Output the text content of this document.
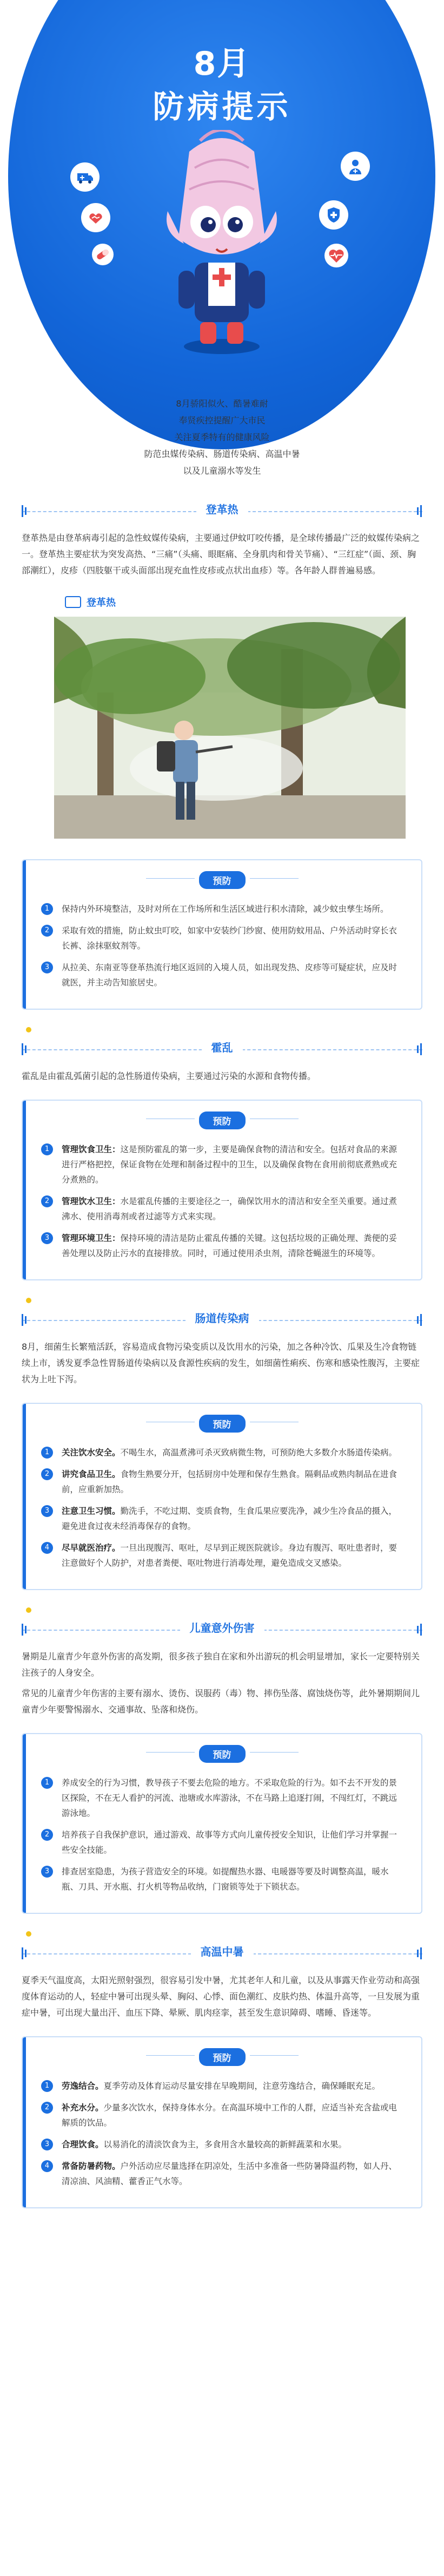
8月
防病提示

8月骄阳似火、酷暑难耐

奉贤疾控提醒广大市民

关注夏季特有的健康风险

防范虫媒传染病、肠道传染病、高温中暑

以及儿童溺水等发生

登革热

登革热是由登革病毒引起的急性蚊媒传染病，主要通过伊蚊叮咬传播，是全球传播最广泛的蚊媒传染病之一。登革热主要症状为突发高热、“三痛”（头痛、眼眶痛、全身肌肉和骨关节痛）、“三红症”（面、颈、胸部潮红），皮疹（四肢躯干或头面部出现充血性皮疹或点状出血疹）等。各年龄人群普遍易感。

登革热
预防
1	保持内外环境整洁，及时对所在工作场所和生活区域进行积水清除，减少蚊虫孳生场所。
2	采取有效的措施，防止蚊虫叮咬，如家中安装纱门纱窗、使用防蚊用品、户外活动时穿长衣长裤、涂抹驱蚊剂等。
3	从拉美、东南亚等登革热流行地区返回的入境人员，如出现发热、皮疹等可疑症状，应及时就医，并主动告知旅居史。
霍乱

霍乱是由霍乱弧菌引起的急性肠道传染病，主要通过污染的水源和食物传播。

预防
1	管理饮食卫生：这是预防霍乱的第一步，主要是确保食物的清洁和安全。包括对食品的来源进行严格把控，保证食物在处理和制备过程中的卫生，以及确保食物在食用前彻底煮熟或充分煮熟的。
2	管理饮水卫生：水是霍乱传播的主要途径之一，确保饮用水的清洁和安全至关重要。通过煮沸水、使用消毒剂或者过滤等方式来实现。
3	管理环境卫生：保持环境的清洁是防止霍乱传播的关键。这包括垃圾的正确处理、粪便的妥善处理以及防止污水的直接排放。同时，可通过使用杀虫剂，清除苍蝇滋生的环境等。
肠道传染病

8月，细菌生长繁殖活跃，容易造成食物污染变质以及饮用水的污染，加之各种冷饮、瓜果及生冷食物链续上市，诱发夏季急性胃肠道传染病以及食源性疾病的发生，如细菌性痢疾、伤寒和感染性腹泻，主要症状为上吐下泻。

预防
1	关注饮水安全。不喝生水，高温煮沸可杀灭致病微生物，可预防绝大多数介水肠道传染病。
2	讲究食品卫生。食物生熟要分开，包括厨房中处理和保存生熟食。隔剩品或熟肉制品在进食前，应重新加热。
3	注意卫生习惯。勤洗手，不吃过期、变质食物，生食瓜果应要洗净，减少生冷食品的摄入，避免进食过夜未经消毒保存的食物。
4	尽早就医治疗。一旦出现腹泻、呕吐，尽早到正规医院就诊。身边有腹泻、呕吐患者时，要注意做好个人防护，对患者粪便、呕吐物进行消毒处理，避免造成交叉感染。
儿童意外伤害

暑期是儿童青少年意外伤害的高发期，很多孩子独自在家和外出游玩的机会明显增加，家长一定要特别关注孩子的人身安全。

常见的儿童青少年伤害的主要有溺水、烫伤、误服药（毒）物、摔伤坠落、腐蚀烧伤等，此外暑期期间儿童青少年要警惕溺水、交通事故、坠落和烧伤。

预防
1	养成安全的行为习惯，教导孩子不要去危险的地方。不采取危险的行为。如不去不开发的景区探险，不在无人看护的河流、池塘或水库游泳，不在马路上追逐打闹，不闯红灯，不跳远游泳地。
2	培养孩子自我保护意识，通过游戏、故事等方式向儿童传授安全知识，让他们学习并掌握一些安全技能。
3	排查居室隐患，为孩子营造安全的环境。如提醒热水器、电暖器等要及时调整高温，暖水瓶、刀具、开水瓶、打火机等物品收纳，门窗锁等处于下锁状态。
高温中暑

夏季天气温度高，太阳光照射强烈，很容易引发中暑，尤其老年人和儿童，以及从事露天作业劳动和高强度体育运动的人，轻症中暑可出现头晕、胸闷、心悸、面色潮红、皮肤灼热、体温升高等，一旦发展为重症中暑，可出现大量出汗、血压下降、晕厥、肌肉痉挛，甚至发生意识障碍、嗜睡、昏迷等。

预防
1	劳逸结合。夏季劳动及体育运动尽量安排在早晚期间，注意劳逸结合，确保睡眠充足。
2	补充水分。少量多次饮水，保持身体水分。在高温环境中工作的人群，应适当补充含盐或电解质的饮品。
3	合理饮食。以易消化的清淡饮食为主，多食用含水量较高的新鲜蔬菜和水果。
4	常备防暑药物。户外活动应尽量选择在阴凉处，生活中多准备一些防暑降温药物，如人丹、清凉油、风油精、藿香正气水等。
